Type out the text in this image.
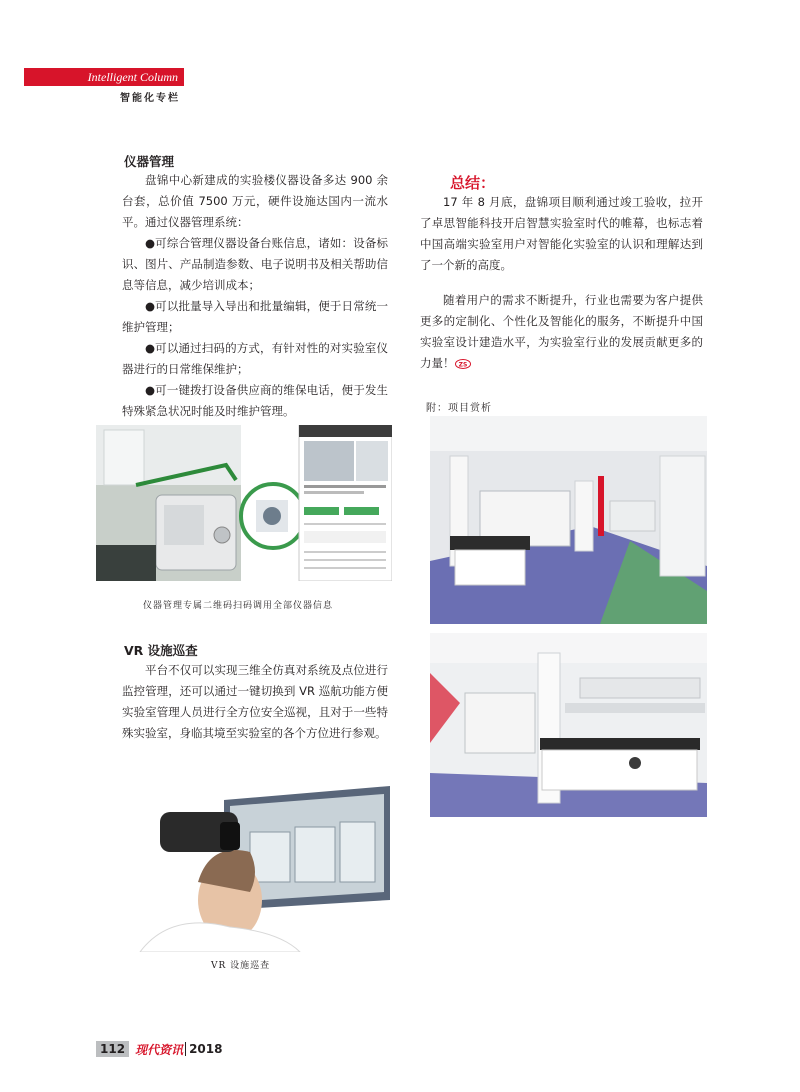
Intelligent Column
智能化专栏
仪器管理

盘锦中心新建成的实验楼仪器设备多达 900 余台套，总价值 7500 万元，硬件设施达国内一流水平。通过仪器管理系统：

●可综合管理仪器设备台账信息，诸如：设备标识、图片、产品制造参数、电子说明书及相关帮助信息等信息，减少培训成本；

●可以批量导入导出和批量编辑，便于日常统一维护管理；

●可以通过扫码的方式，有针对性的对实验室仪器进行的日常维保维护；

●可一键拨打设备供应商的维保电话，便于发生特殊紧急状况时能及时维护管理。

仪器管理专属二维码扫码调用全部仪器信息
VR 设施巡查

平台不仅可以实现三维全仿真对系统及点位进行监控管理，还可以通过一键切换到 VR 巡航功能方便实验室管理人员进行全方位安全巡视，且对于一些特殊实验室，身临其境至实验室的各个方位进行参观。

VR 设施巡查
总结：

17 年 8 月底，盘锦项目顺利通过竣工验收，拉开了卓思智能科技开启智慧实验室时代的帷幕，也标志着中国高端实验室用户对智能化实验室的认识和理解达到了一个新的高度。

随着用户的需求不断提升，行业也需要为客户提供更多的定制化、个性化及智能化的服务，不断提升中国实验室设计建造水平，为实验室行业的发展贡献更多的力量！ ZS

附：项目赏析
112 现代资讯 2018
